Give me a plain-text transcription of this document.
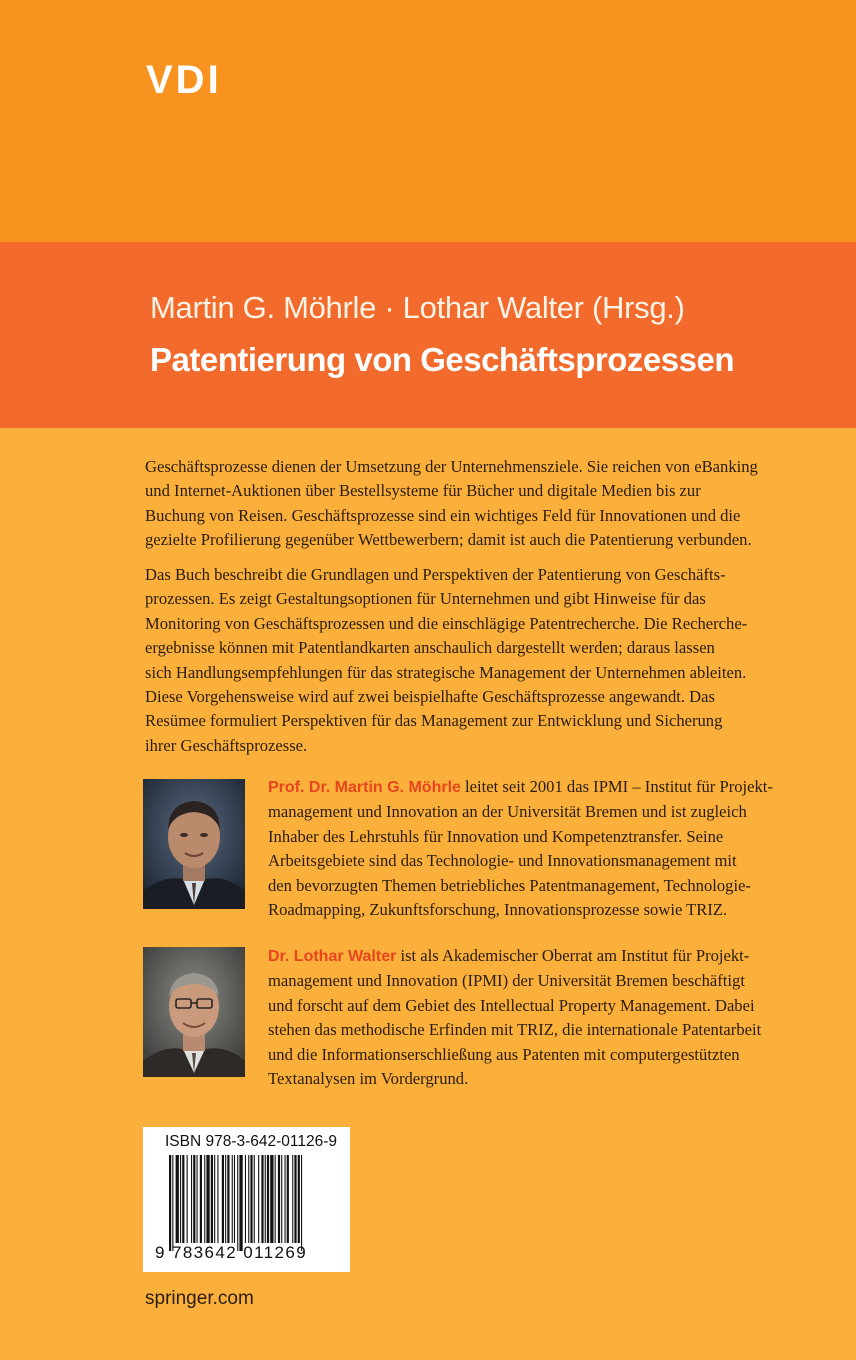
VDI
Martin G. Möhrle · Lothar Walter (Hrsg.)
Patentierung von Geschäftsprozessen
Geschäftsprozesse dienen der Umsetzung der Unternehmensziele. Sie reichen von eBanking
und Internet-Auktionen über Bestellsysteme für Bücher und digitale Medien bis zur
Buchung von Reisen. Geschäftsprozesse sind ein wichtiges Feld für Innovationen und die
gezielte Profilierung gegenüber Wettbewerbern; damit ist auch die Patentierung verbunden.
Das Buch beschreibt die Grundlagen und Perspektiven der Patentierung von Geschäfts-
prozessen. Es zeigt Gestaltungsoptionen für Unternehmen und gibt Hinweise für das
Monitoring von Geschäftsprozessen und die einschlägige Patentrecherche. Die Recherche-
ergebnisse können mit Patentlandkarten anschaulich dargestellt werden; daraus lassen
sich Handlungsempfehlungen für das strategische Management der Unternehmen ableiten.
Diese Vorgehensweise wird auf zwei beispielhafte Geschäftsprozesse angewandt. Das
Resümee formuliert Perspektiven für das Management zur Entwicklung und Sicherung
ihrer Geschäftsprozesse.
Prof. Dr. Martin G. Möhrle leitet seit 2001 das IPMI – Institut für Projekt-
management und Innovation an der Universität Bremen und ist zugleich
Inhaber des Lehrstuhls für Innovation und Kompetenztransfer. Seine
Arbeitsgebiete sind das Technologie- und Innovationsmanagement mit
den bevorzugten Themen betriebliches Patentmanagement, Technologie-
Roadmapping, Zukunftsforschung, Innovationsprozesse sowie TRIZ.
Dr. Lothar Walter ist als Akademischer Oberrat am Institut für Projekt-
management und Innovation (IPMI) der Universität Bremen beschäftigt
und forscht auf dem Gebiet des Intellectual Property Management. Dabei
stehen das methodische Erfinden mit TRIZ, die internationale Patentarbeit
und die Informationserschließung aus Patenten mit computergestützten
Textanalysen im Vordergrund.
ISBN 978-3-642-01126-9
9 783642 011269
springer.com
